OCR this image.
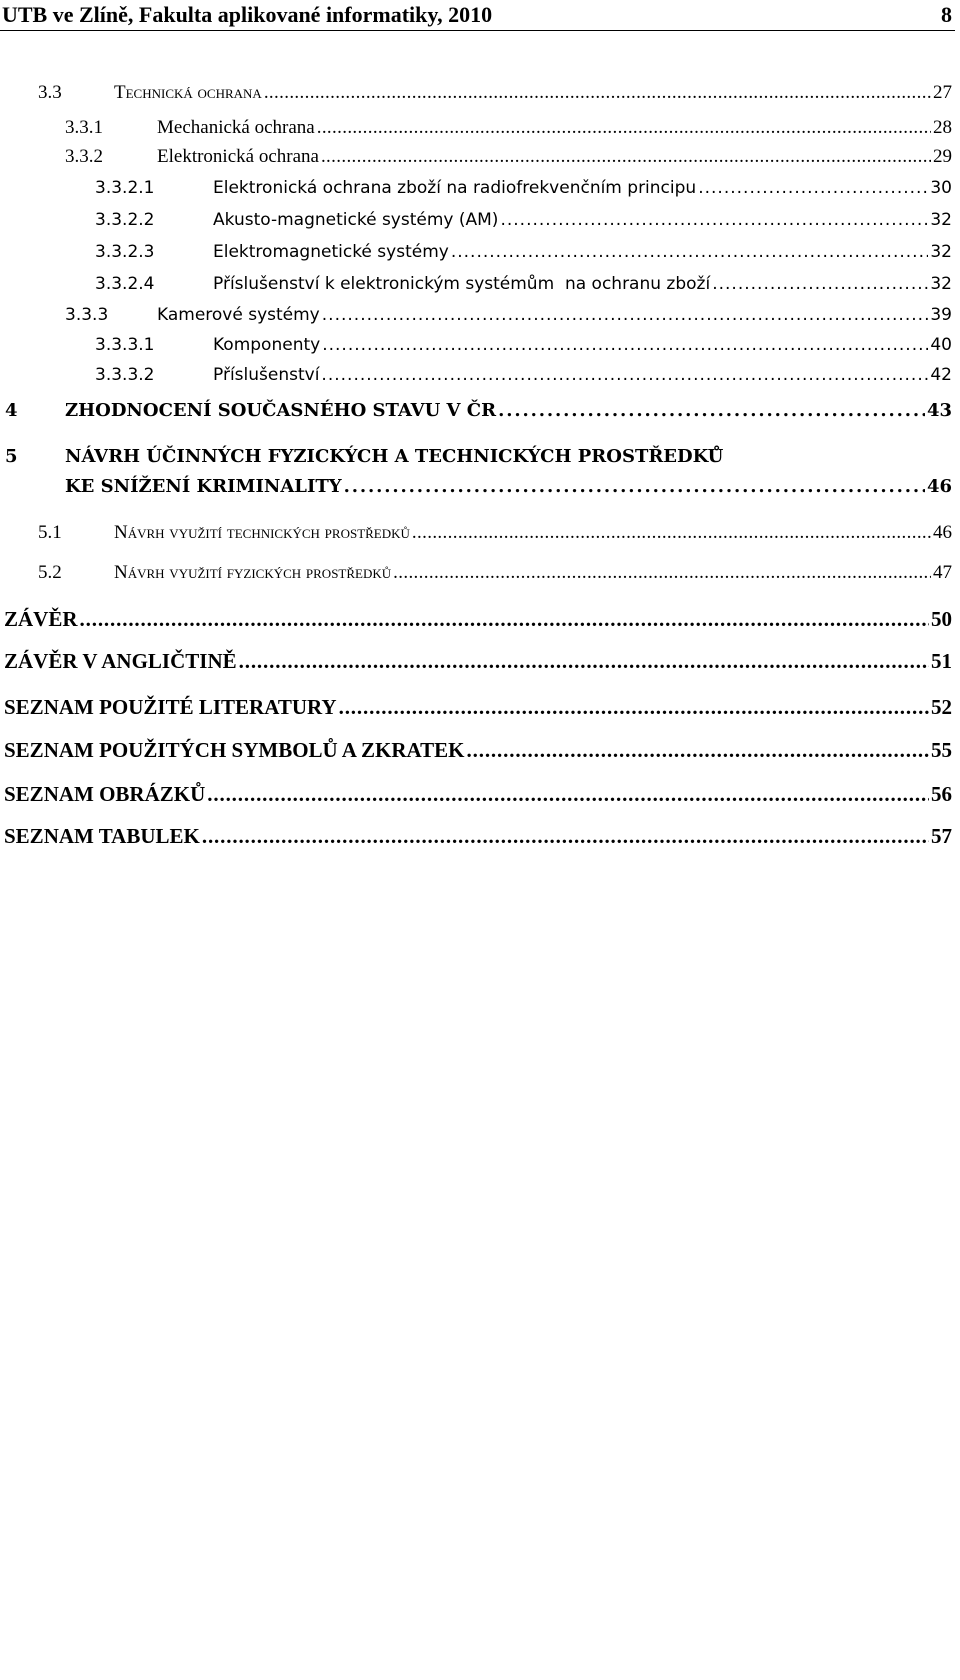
UTB ve Zlíně, Fakulta aplikované informatiky, 2010	8
3.3	Technická ochrana . . .	27
3.3.1	Mechanická ochrana . . .	28
3.3.2	Elektronická ochrana . . .	29
3.3.2.1	Elektronická ochrana zboží na radiofrekvenčním principu . . .	30
3.3.2.2	Akusto-magnetické systémy (AM) . . .	32
3.3.2.3	Elektromagnetické systémy . . .	32
3.3.2.4	Příslušenství k elektronickým systémům  na ochranu zboží . . .	32
3.3.3	Kamerové systémy . . .	39
3.3.3.1	Komponenty . . .	40
3.3.3.2	Příslušenství . . .	42
4	ZHODNOCENÍ SOUČASNÉHO STAVU V ČR . . .	43
5	NÁVRH ÚČINNÝCH FYZICKÝCH A TECHNICKÝCH PROSTŘEDKŮ
KE SNÍŽENÍ KRIMINALITY . . .	46
5.1	Návrh využití technických prostředků . . .	46
5.2	Návrh využití fyzických prostředků . . .	47
ZÁVĚR . . .	50
ZÁVĚR V ANGLIČTINĚ . . .	51
SEZNAM POUŽITÉ LITERATURY . . .	52
SEZNAM POUŽITÝCH SYMBOLŮ A ZKRATEK . . .	55
SEZNAM OBRÁZKŮ . . .	56
SEZNAM TABULEK . . .	57
